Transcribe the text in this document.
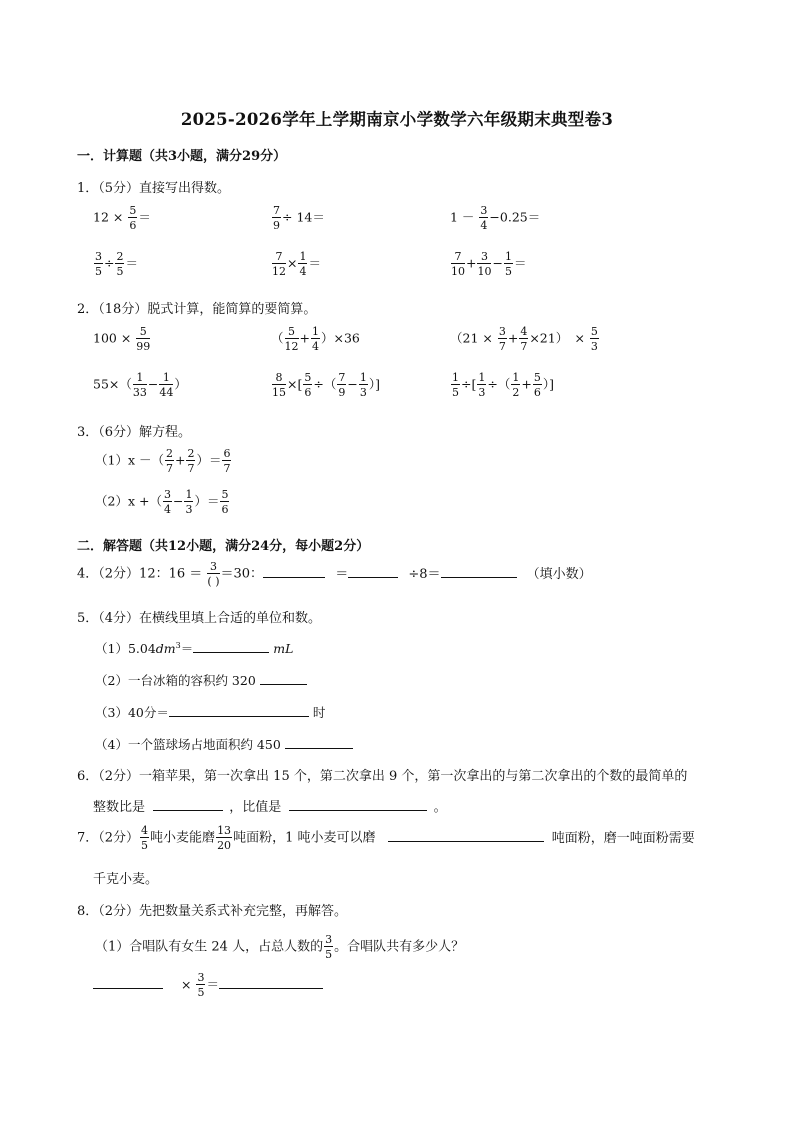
2025-2026学年上学期南京小学数学六年级期末典型卷3
一．计算题（共3小题，满分29分）
1．（5分）直接写出得数。
$12 \times \frac{5}{6}$ ＝	$\frac{7}{9} \div 14=$	$1 - \frac{3}{4} -0.25=$
$\frac{3}{5} \div \frac{2}{5}$ ＝	$\frac{7}{12} \times \frac{1}{4}$ ＝	$\frac{7}{10} + \frac{3}{10} - \frac{1}{5}$ ＝
2．（18分）脱式计算，能简算的要简算。
$100 \times \frac{5}{99}$	（ $\frac{5}{12} + \frac{1}{4} )\times 36$	$(21 \times \frac{3}{7} + \frac{4}{7} \times 21)$　× $\frac{5}{3}$
$55\times( \frac{1}{33} - \frac{1}{44}$ ）	$\frac{8}{15}$ ×[ $\frac{5}{6}$ ÷（ $\frac{7}{9} - \frac{1}{3}$ ）]	$\frac{1}{5}$ ÷[ $\frac{1}{3}$ ÷（ $\frac{1}{2} + \frac{5}{6}$ ）]
3．（6分）解方程。
（1）x －（ $\frac{2}{7} + \frac{2}{7}$ ）＝ $\frac{6}{7}$
（2）x +（ $\frac{3}{4} - \frac{1}{3}$ ）＝ $\frac{5}{6}$
二．解答题（共12小题，满分24分，每小题2分）
4．（2分）12：$16 = \frac{3}{( )} =30$：	＝	÷8＝	（填小数）
5．（4分）在横线里填上合适的单位和数。
$(1)5.04dm^3=$	mL
（2）一台冰箱的容积约 320
（3）40分＝	时
（4）一个篮球场占地面积约 450
6．（2分）一箱苹果，第一次拿出 15 个，第二次拿出 9 个，第一次拿出的与第二次拿出的个数的最简单的
整数比是	，比值是	。
7．（2分） $\frac{4}{5}$ 吨小麦能磨 $\frac{13}{20}$ 吨面粉，1 吨小麦可以磨	吨面粉，磨一吨面粉需要
千克小麦。
8．（2分）先把数量关系式补充完整，再解答。
（1）合唱队有女生 24 人，占总人数的 $\frac{3}{5}$ 。合唱队共有多少人？
× $\frac{3}{5}$ ＝
